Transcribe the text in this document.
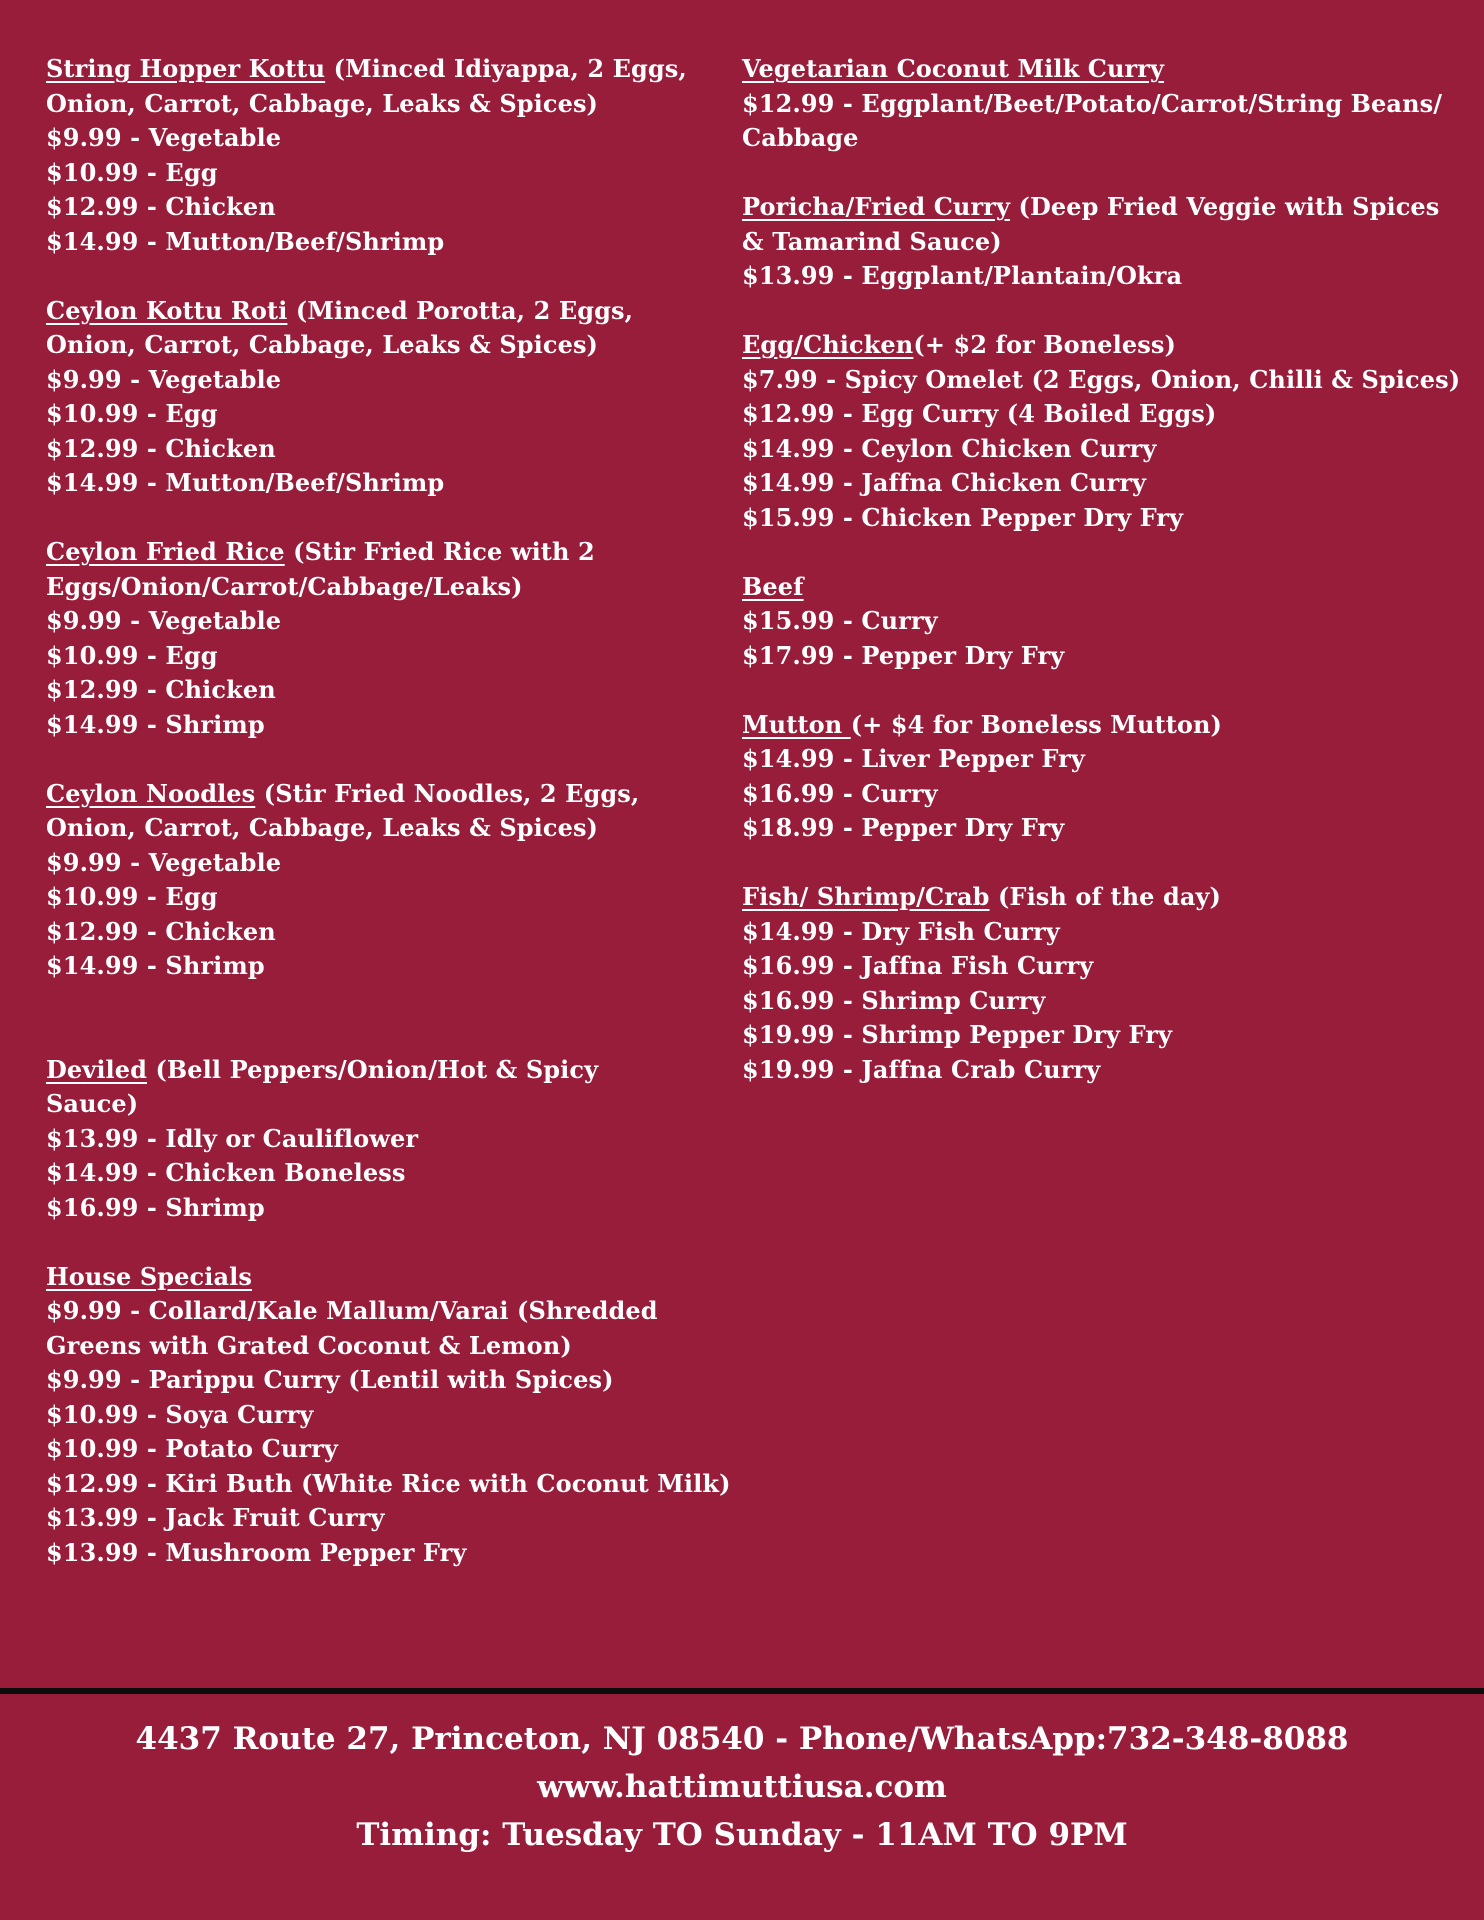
String Hopper Kottu (Minced Idiyappa, 2 Eggs, Onion, Carrot, Cabbage, Leaks & Spices)
$9.99 - Vegetable
$10.99 - Egg
$12.99 - Chicken
$14.99 - Mutton/Beef/Shrimp
Ceylon Kottu Roti (Minced Porotta, 2 Eggs, Onion, Carrot, Cabbage, Leaks & Spices)
$9.99 - Vegetable
$10.99 - Egg
$12.99 - Chicken
$14.99 - Mutton/Beef/Shrimp
Ceylon Fried Rice (Stir Fried Rice with 2 Eggs/Onion/Carrot/Cabbage/Leaks)
$9.99 - Vegetable
$10.99 - Egg
$12.99 - Chicken
$14.99 - Shrimp
Ceylon Noodles (Stir Fried Noodles, 2 Eggs, Onion, Carrot, Cabbage, Leaks & Spices)
$9.99 - Vegetable
$10.99 - Egg
$12.99 - Chicken
$14.99 - Shrimp
Deviled (Bell Peppers/Onion/Hot & Spicy Sauce)
$13.99 - Idly or Cauliflower
$14.99 - Chicken Boneless
$16.99 - Shrimp
House Specials
$9.99 - Collard/Kale Mallum/Varai (Shredded
Greens with Grated Coconut & Lemon)
$9.99 - Parippu Curry (Lentil with Spices)
$10.99 - Soya Curry
$10.99 - Potato Curry
$12.99 - Kiri Buth (White Rice with Coconut Milk)
$13.99 - Jack Fruit Curry
$13.99 - Mushroom Pepper Fry
Vegetarian Coconut Milk Curry
$12.99 - Eggplant/Beet/Potato/Carrot/String Beans/
Cabbage
Poricha/Fried Curry (Deep Fried Veggie with Spices & Tamarind Sauce)
$13.99 - Eggplant/Plantain/Okra
Egg/Chicken(+ $2 for Boneless)
$7.99 - Spicy Omelet (2 Eggs, Onion, Chilli & Spices)
$12.99 - Egg Curry (4 Boiled Eggs)
$14.99 - Ceylon Chicken Curry
$14.99 - Jaffna Chicken Curry
$15.99 - Chicken Pepper Dry Fry
Beef
$15.99 - Curry
$17.99 - Pepper Dry Fry
Mutton (+ $4 for Boneless Mutton)
$14.99 - Liver Pepper Fry
$16.99 - Curry
$18.99 - Pepper Dry Fry
Fish/ Shrimp/Crab (Fish of the day)
$14.99 - Dry Fish Curry
$16.99 - Jaffna Fish Curry
$16.99 - Shrimp Curry
$19.99 - Shrimp Pepper Dry Fry
$19.99 - Jaffna Crab Curry
4437 Route 27, Princeton, NJ 08540 - Phone/WhatsApp:732-348-8088
www.hattimuttiusa.com
Timing: Tuesday TO Sunday - 11AM TO 9PM
